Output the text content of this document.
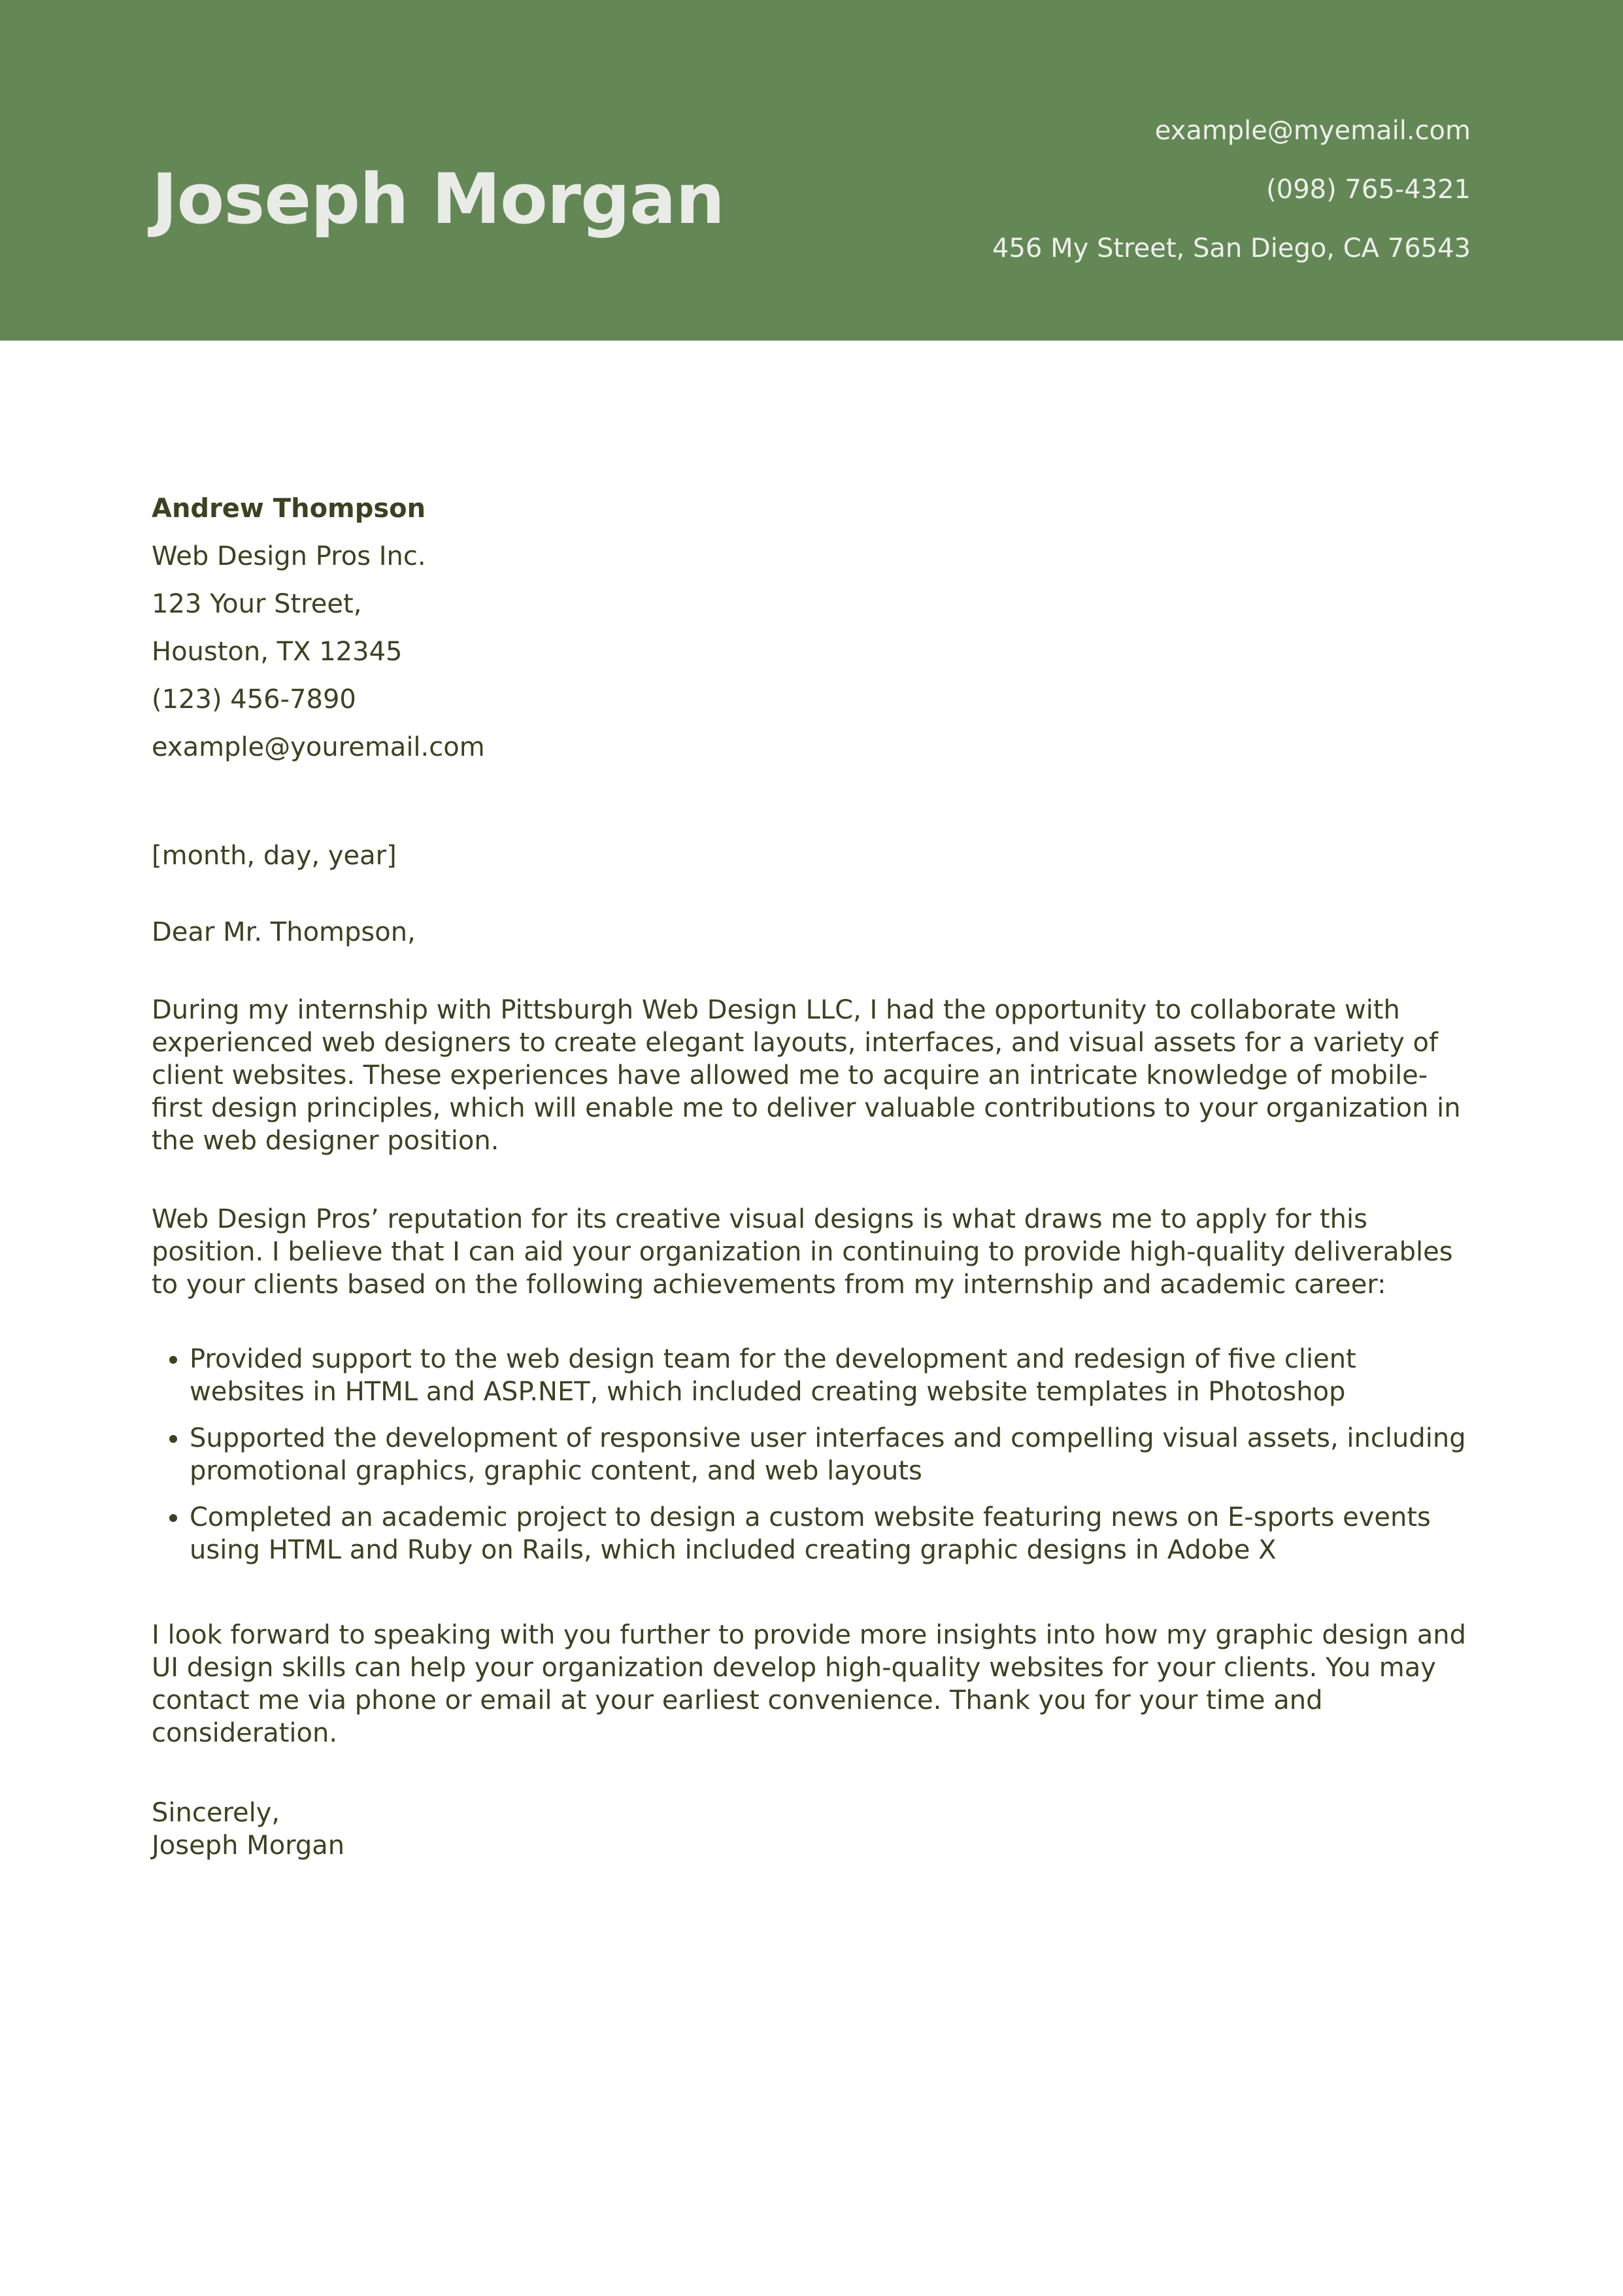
Joseph Morgan
example@myemail.com
(098) 765-4321
456 My Street, San Diego, CA 76543
Andrew Thompson
Web Design Pros Inc.
123 Your Street,
Houston, TX 12345
(123) 456-7890
example@youremail.com
[month, day, year]
Dear Mr. Thompson,

During my internship with Pittsburgh Web Design LLC, I had the opportunity to collaborate with experienced web designers to create elegant layouts, interfaces, and visual assets for a variety of client websites. These experiences have allowed me to acquire an intricate knowledge of mobile-first design principles, which will enable me to deliver valuable contributions to your organization in the web designer position.

Web Design Pros’ reputation for its creative visual designs is what draws me to apply for this position. I believe that I can aid your organization in continuing to provide high-quality deliverables to your clients based on the following achievements from my internship and academic career:

• Provided support to the web design team for the development and redesign of five client websites in HTML and ASP.NET, which included creating website templates in Photoshop
• Supported the development of responsive user interfaces and compelling visual assets, including promotional graphics, graphic content, and web layouts
• Completed an academic project to design a custom website featuring news on E-sports events using HTML and Ruby on Rails, which included creating graphic designs in Adobe X

I look forward to speaking with you further to provide more insights into how my graphic design and UI design skills can help your organization develop high-quality websites for your clients. You may contact me via phone or email at your earliest convenience. Thank you for your time and consideration.

Sincerely,
Joseph Morgan
